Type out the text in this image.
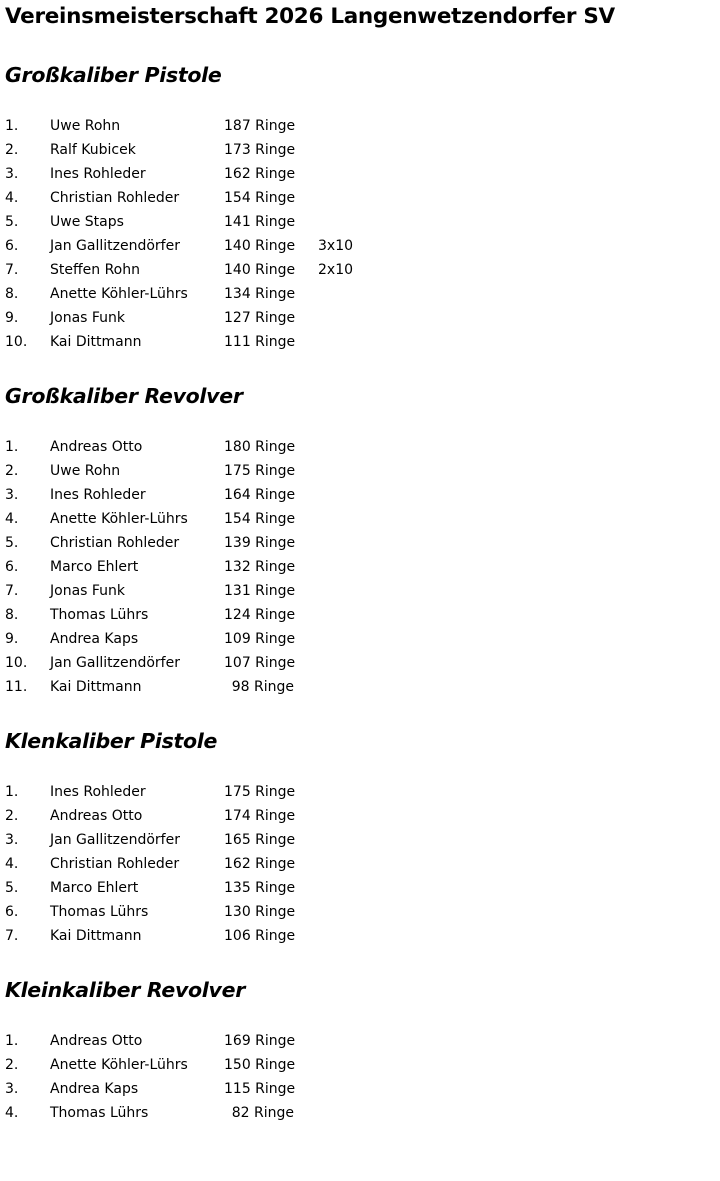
Vereinsmeisterschaft 2026 Langenwetzendorfer SV
Großkaliber Pistole
1. Uwe Rohn	187 Ringe
2. Ralf Kubicek	173 Ringe
3. Ines Rohleder	162 Ringe
4. Christian Rohleder	154 Ringe
5. Uwe Staps	141 Ringe
6. Jan Gallitzendörfer	140 Ringe 3x10
7. Steffen Rohn	140 Ringe 2x10
8. Anette Köhler-Lührs	134 Ringe
9. Jonas Funk	127 Ringe
10. Kai Dittmann	111 Ringe
Großkaliber Revolver
1. Andreas Otto	180 Ringe
2. Uwe Rohn	175 Ringe
3. Ines Rohleder	164 Ringe
4. Anette Köhler-Lührs	154 Ringe
5. Christian Rohleder	139 Ringe
6. Marco Ehlert	132 Ringe
7. Jonas Funk	131 Ringe
8. Thomas Lührs	124 Ringe
9. Andrea Kaps	109 Ringe
10. Jan Gallitzendörfer	107 Ringe
11. Kai Dittmann	98 Ringe
Klenkaliber Pistole
1. Ines Rohleder	175 Ringe
2. Andreas Otto	174 Ringe
3. Jan Gallitzendörfer	165 Ringe
4. Christian Rohleder	162 Ringe
5. Marco Ehlert	135 Ringe
6. Thomas Lührs	130 Ringe
7. Kai Dittmann	106 Ringe
Kleinkaliber Revolver
1. Andreas Otto	169 Ringe
2. Anette Köhler-Lührs	150 Ringe
3. Andrea Kaps	115 Ringe
4. Thomas Lührs	82 Ringe
